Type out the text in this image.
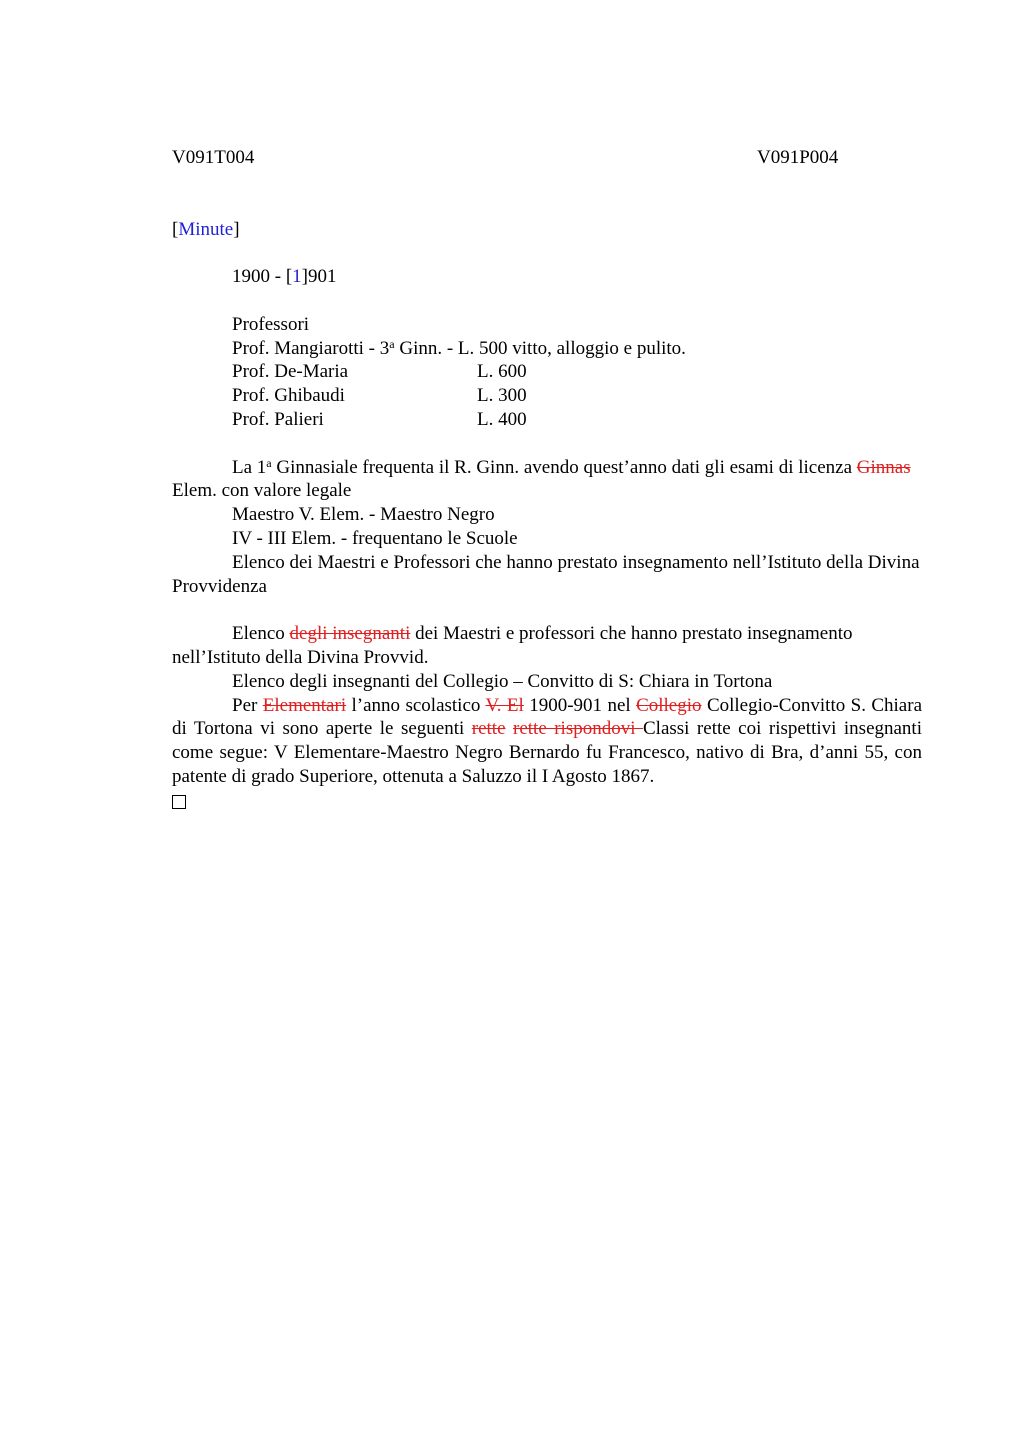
V091T004	V091P004

[Minute]

1900 - [1]901

Professori

Prof. Mangiarotti - 3$^a$ Ginn. - L. 500 vitto, alloggio e pulito.

Prof. De-Maria	L. 600
Prof. Ghibaudi	L. 300
Prof. Palieri	L. 400

La 1$^a$ Ginnasiale frequenta il R. Ginn. avendo quest’anno dati gli esami di licenza Ginnas Elem. con valore legale

Maestro V. Elem. - Maestro Negro

IV - III Elem. - frequentano le Scuole

Elenco dei Maestri e Professori che hanno prestato insegnamento nell’Istituto della Divina Provvidenza

Elenco degli insegnanti dei Maestri e professori che hanno prestato insegnamento nell’Istituto della Divina Provvid.

Elenco degli insegnanti del Collegio – Convitto di S: Chiara in Tortona

Per Elementari l’anno scolastico V. El 1900-901 nel Collegio Collegio-Convitto S. Chiara di Tortona vi sono aperte le seguenti rette rette rispondovi Classi rette coi rispettivi insegnanti come segue: V Elementare-Maestro Negro Bernardo fu Francesco, nativo di Bra, d’anni 55, con patente di grado Superiore, ottenuta a Saluzzo il I Agosto 1867.
